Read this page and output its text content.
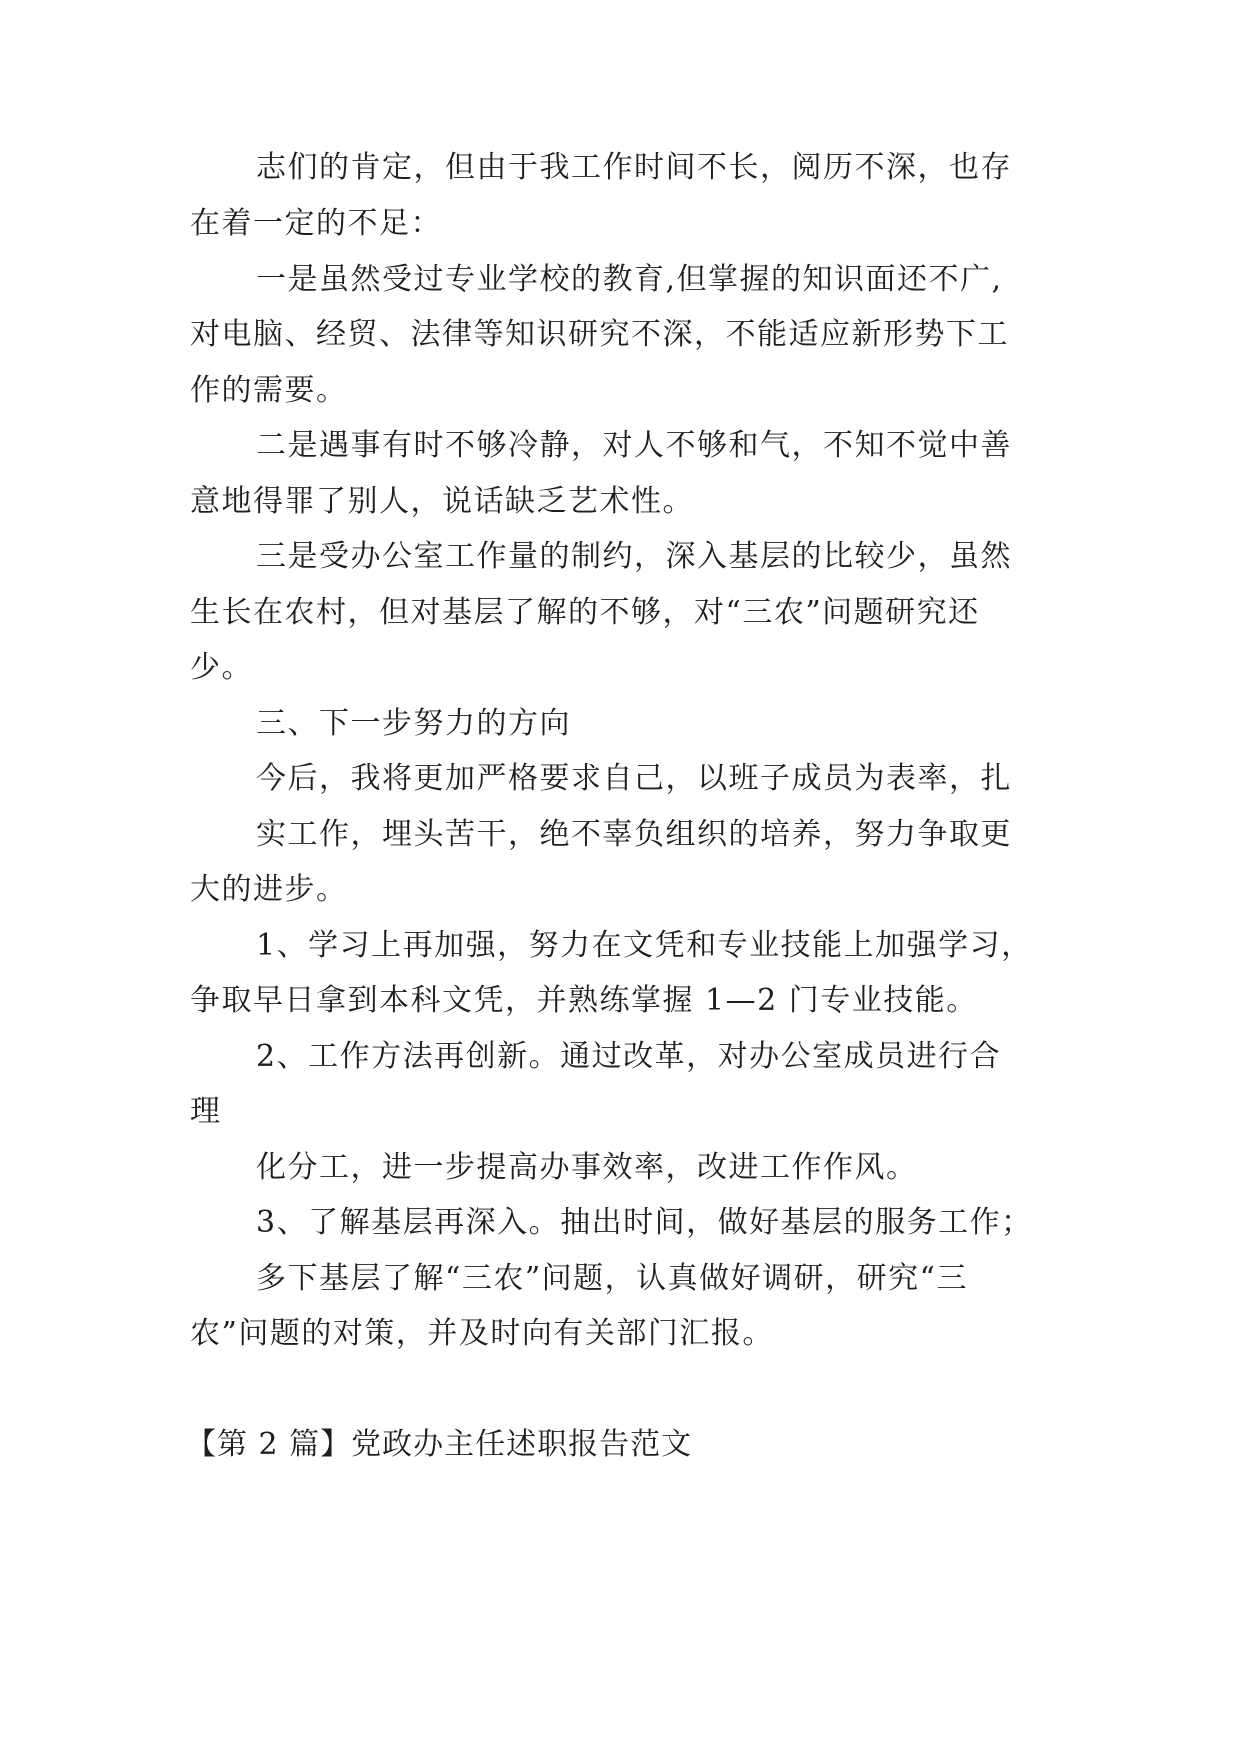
志们的肯定，但由于我工作时间不长，阅历不深，也存
在着一定的不足：
一是虽然受过专业学校的教育,但掌握的知识面还不广,
对电脑、经贸、法律等知识研究不深，不能适应新形势下工
作的需要。
二是遇事有时不够冷静，对人不够和气，不知不觉中善
意地得罪了别人，说话缺乏艺术性。
三是受办公室工作量的制约，深入基层的比较少，虽然
生长在农村，但对基层了解的不够，对“三农”问题研究还
少。
三、下一步努力的方向
今后，我将更加严格要求自己，以班子成员为表率，扎
实工作，埋头苦干，绝不辜负组织的培养，努力争取更
大的进步。
1、学习上再加强，努力在文凭和专业技能上加强学习，
争取早日拿到本科文凭，并熟练掌握 1—2 门专业技能。
2、工作方法再创新。通过改革，对办公室成员进行合
理
化分工，进一步提高办事效率，改进工作作风。
3、了解基层再深入。抽出时间，做好基层的服务工作；
多下基层了解“三农”问题，认真做好调研，研究“三
农”问题的对策，并及时向有关部门汇报。
【第 2 篇】党政办主任述职报告范文
